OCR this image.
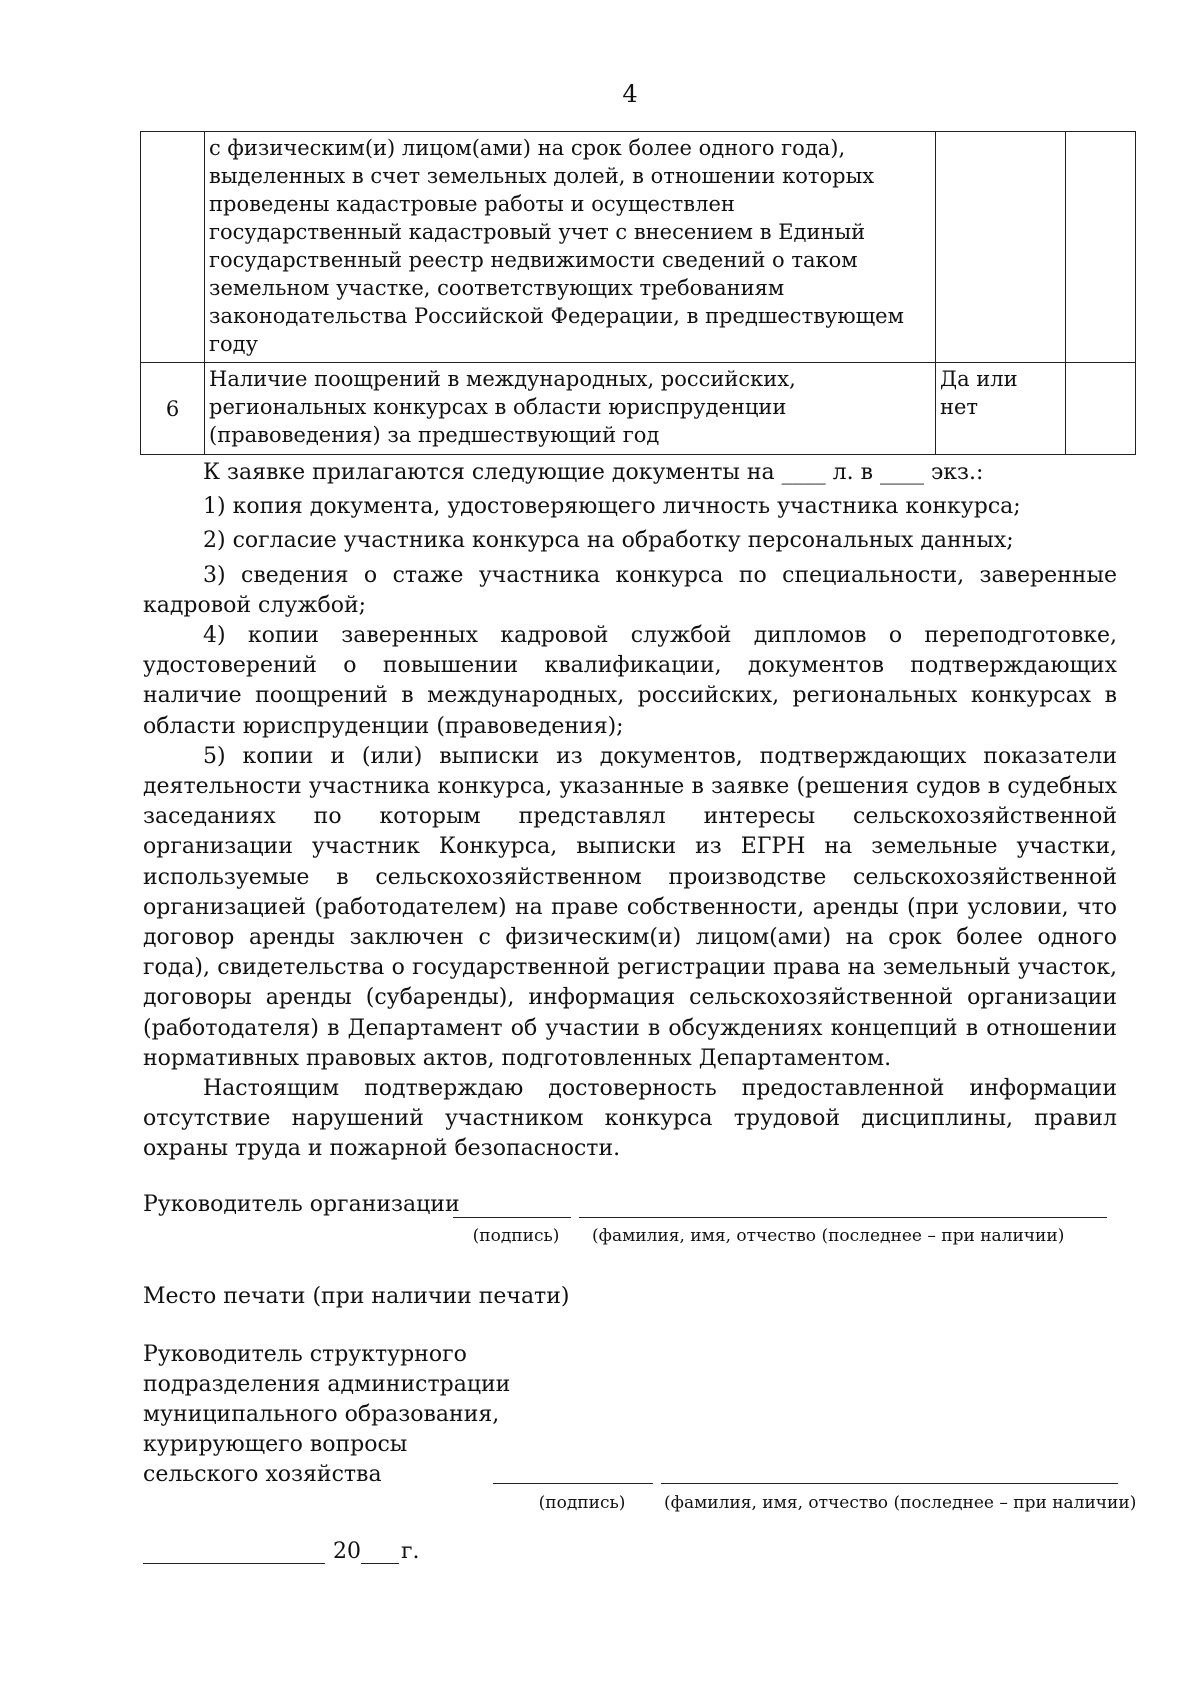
4
	с физическим(и) лицом(ами) на срок более одного года), выделенных в счет земельных долей, в отношении которых проведены кадастровые работы и осуществлен государственный кадастровый учет с внесением в Единый государственный реестр недвижимости сведений о таком земельном участке, соответствующих требованиям законодательства Российской Федерации, в предшествующем году		
6	Наличие поощрений в международных, российских, региональных конкурсах в области юриспруденции (правоведения) за предшествующий год	Да или нет	

К заявке прилагаются следующие документы на ____ л. в ____ экз.:

1) копия документа, удостоверяющего личность участника конкурса;

2) согласие участника конкурса на обработку персональных данных;

3) сведения о стаже участника конкурса по специальности, заверенные кадровой службой;

4) копии заверенных кадровой службой дипломов о переподготовке, удостоверений о повышении квалификации, документов подтверждающих наличие поощрений в международных, российских, региональных конкурсах в области юриспруденции (правоведения);

5) копии и (или) выписки из документов, подтверждающих показатели деятельности участника конкурса, указанные в заявке (решения судов в судебных заседаниях по которым представлял интересы сельскохозяйственной организации участник Конкурса, выписки из ЕГРН на земельные участки, используемые в сельскохозяйственном производстве сельскохозяйственной организацией (работодателем) на праве собственности, аренды (при условии, что договор аренды заключен с физическим(и) лицом(ами) на срок более одного года), свидетельства о государственной регистрации права на земельный участок, договоры аренды (субаренды), информация сельскохозяйственной организации (работодателя) в Департамент об участии в обсуждениях концепций в отношении нормативных правовых актов, подготовленных Департаментом.

Настоящим подтверждаю достоверность предоставленной информации отсутствие нарушений участником конкурса трудовой дисциплины, правил охраны труда и пожарной безопасности.

Руководитель организации
(подпись)	(фамилия, имя, отчество (последнее – при наличии)
Место печати (при наличии печати)
Руководитель структурного
подразделения администрации
муниципального образования,
курирующего вопросы
сельского хозяйства
(подпись)	(фамилия, имя, отчество (последнее – при наличии)
20 г.
